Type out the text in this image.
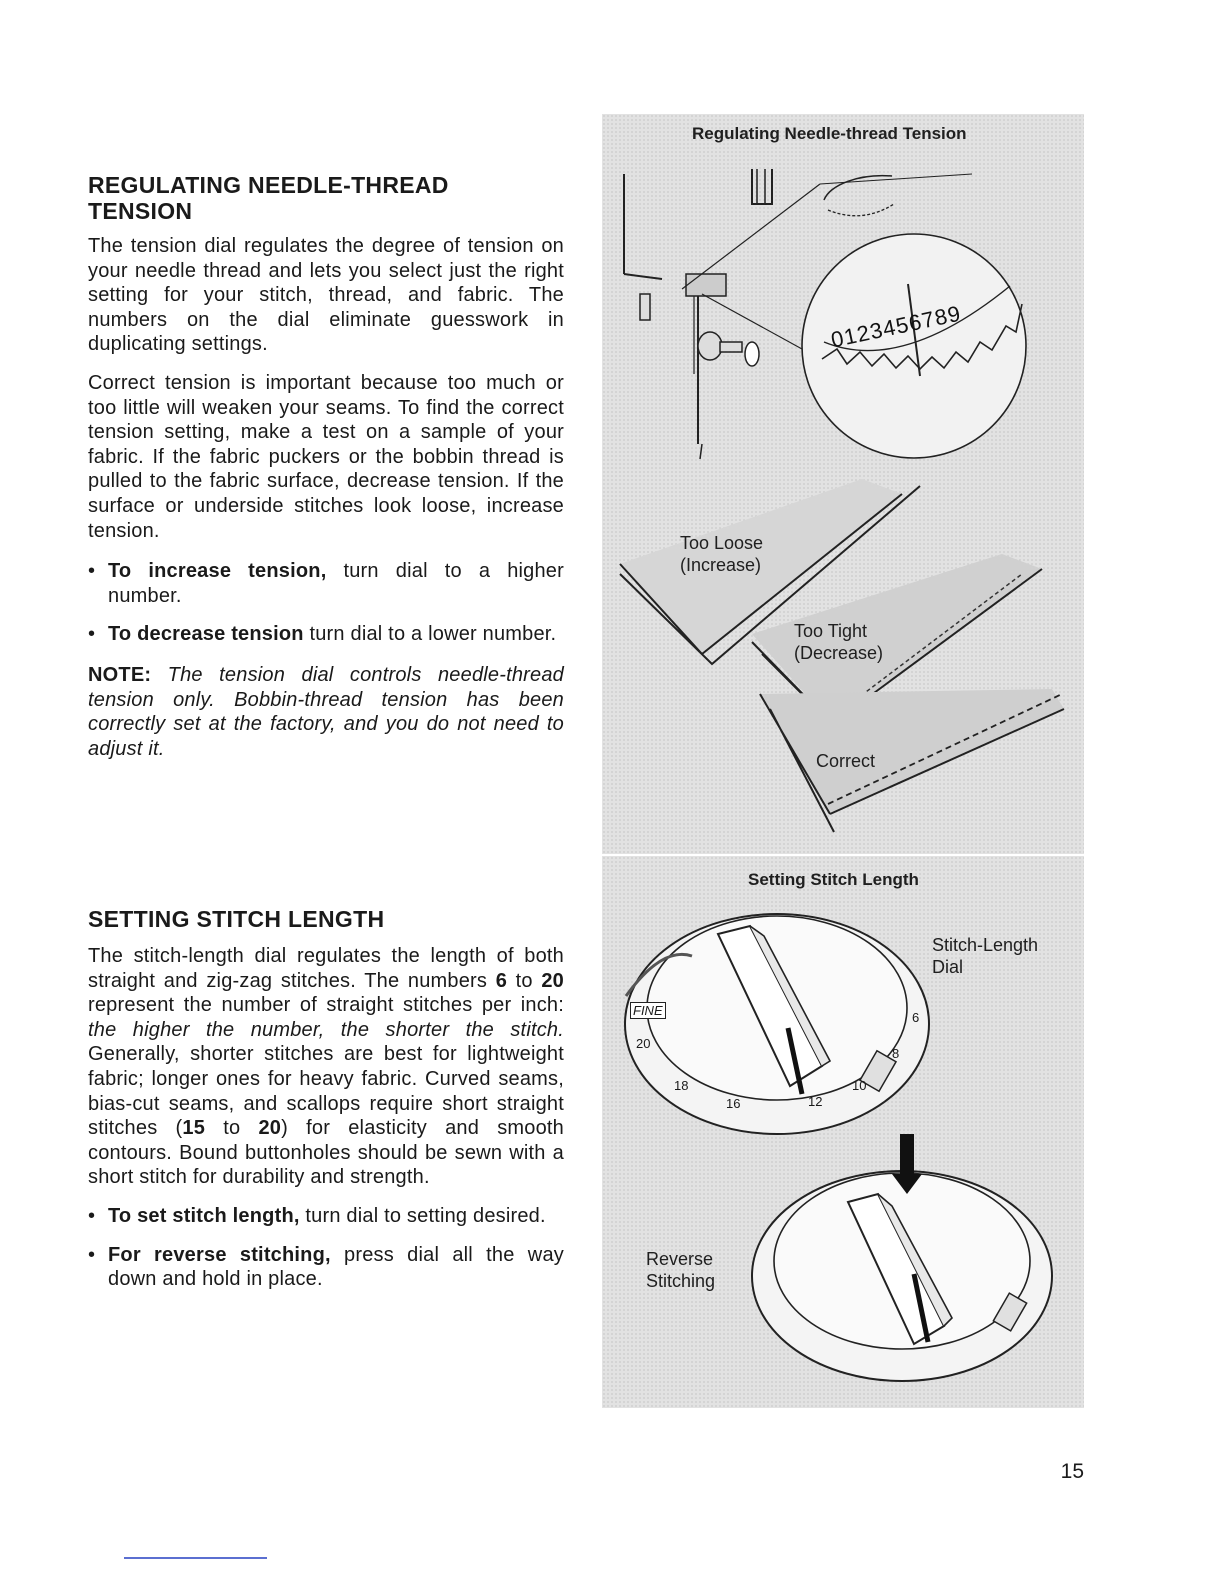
REGULATING NEEDLE-THREAD
TENSION

The tension dial regulates the degree of tension on your needle thread and lets you select just the right setting for your stitch, thread, and fabric. The numbers on the dial eliminate guesswork in duplicating settings.

Correct tension is important because too much or too little will weaken your seams. To find the correct tension setting, make a test on a sample of your fabric. If the fabric puckers or the bobbin thread is pulled to the fabric surface, decrease tension. If the surface or underside stitches look loose, increase tension.

• To increase tension, turn dial to a higher number.
• To decrease tension turn dial to a lower number.
NOTE: The tension dial controls needle-thread tension only. Bobbin-thread tension has been correctly set at the factory, and you do not need to adjust it.
SETTING STITCH LENGTH

The stitch-length dial regulates the length of both straight and zig-zag stitches. The numbers 6 to 20 represent the number of straight stitches per inch: the higher the number, the shorter the stitch. Generally, shorter stitches are best for lightweight fabric; longer ones for heavy fabric. Curved seams, bias-cut seams, and scallops require short straight stitches (15 to 20) for elasticity and smooth contours. Bound buttonholes should be sewn with a short stitch for durability and strength.

• To set stitch length, turn dial to setting desired.
• For reverse stitching, press dial all the way down and hold in place.
Regulating Needle-thread Tension
0123456789
Too Loose
(Increase)
Too Tight
(Decrease)
Correct
Setting Stitch Length
FINE	6
8
10
12
16
18
20
Stitch-Length
Dial
Reverse
Stitching
15
